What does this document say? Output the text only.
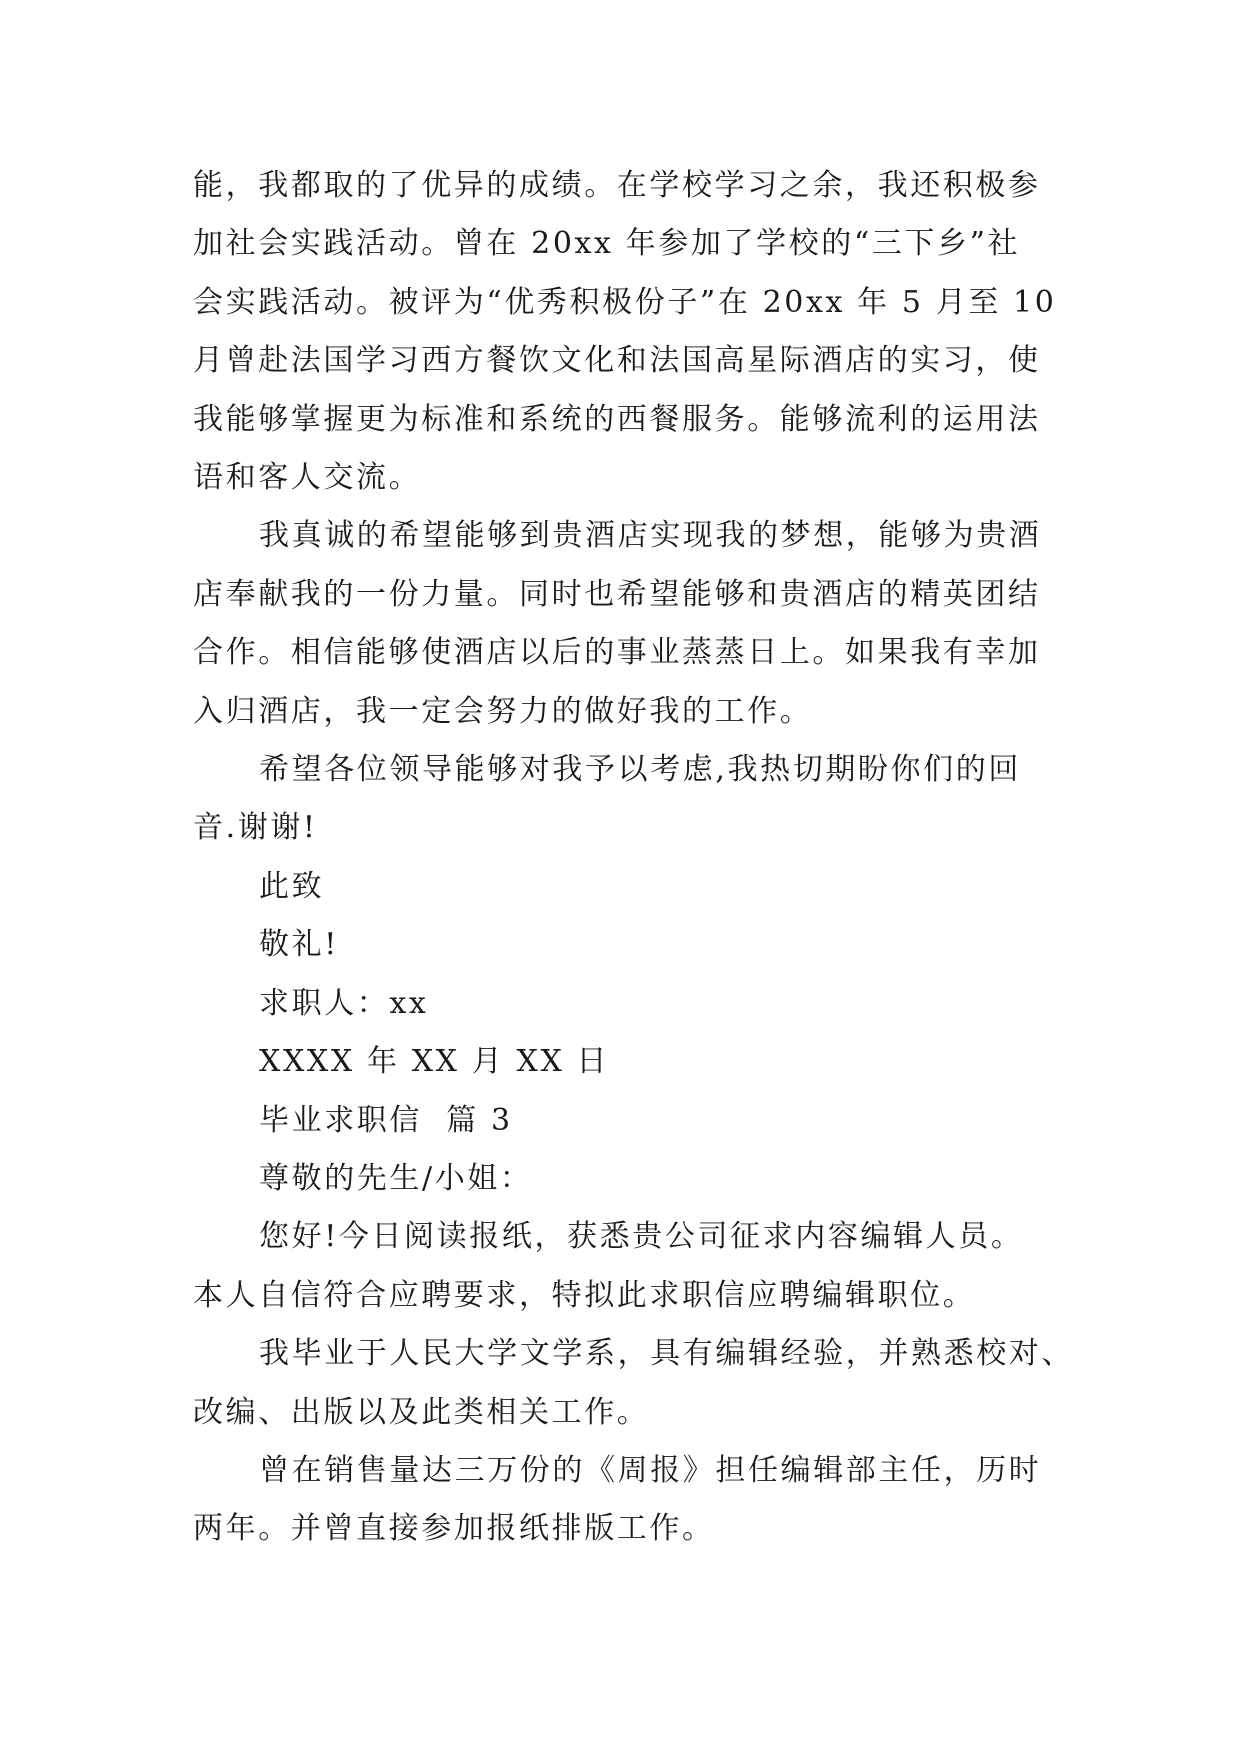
能，我都取的了优异的成绩。在学校学习之余，我还积极参
加社会实践活动。曾在 20xx 年参加了学校的“三下乡”社
会实践活动。被评为“优秀积极份子”在 20xx 年 5 月至 10
月曾赴法国学习西方餐饮文化和法国高星际酒店的实习，使
我能够掌握更为标准和系统的西餐服务。能够流利的运用法
语和客人交流。

我真诚的希望能够到贵酒店实现我的梦想，能够为贵酒
店奉献我的一份力量。同时也希望能够和贵酒店的精英团结
合作。相信能够使酒店以后的事业蒸蒸日上。如果我有幸加
入归酒店，我一定会努力的做好我的工作。

希望各位领导能够对我予以考虑,我热切期盼你们的回
音.谢谢!

此致

敬礼!

求职人：xx

XXXX 年 XX 月 XX 日

毕业求职信  篇 3

尊敬的先生/小姐：

您好!今日阅读报纸，获悉贵公司征求内容编辑人员。
本人自信符合应聘要求，特拟此求职信应聘编辑职位。

我毕业于人民大学文学系，具有编辑经验，并熟悉校对、
改编、出版以及此类相关工作。

曾在销售量达三万份的《周报》担任编辑部主任，历时
两年。并曾直接参加报纸排版工作。
